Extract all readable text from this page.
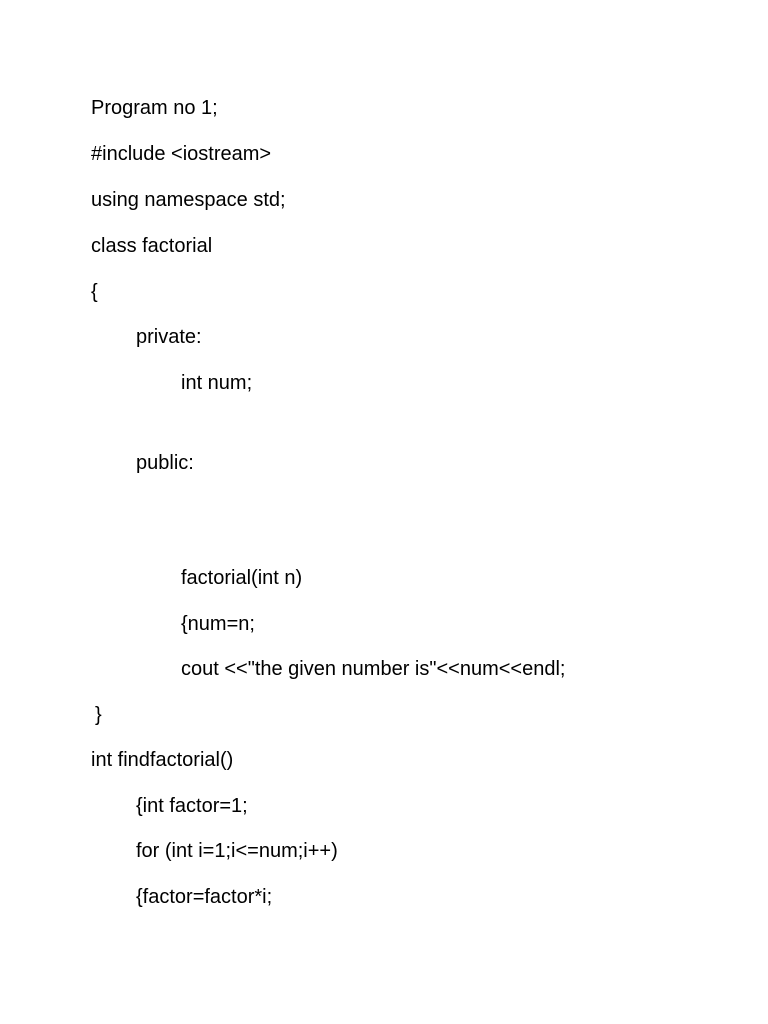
Program no 1;

#include <iostream>

using namespace std;

class factorial

{

private:

int num;

public:

factorial(int n)

{num=n;

cout <<"the given number is"<<num<<endl;

}

int findfactorial()

{int factor=1;

for (int i=1;i<=num;i++)

{factor=factor*i;
